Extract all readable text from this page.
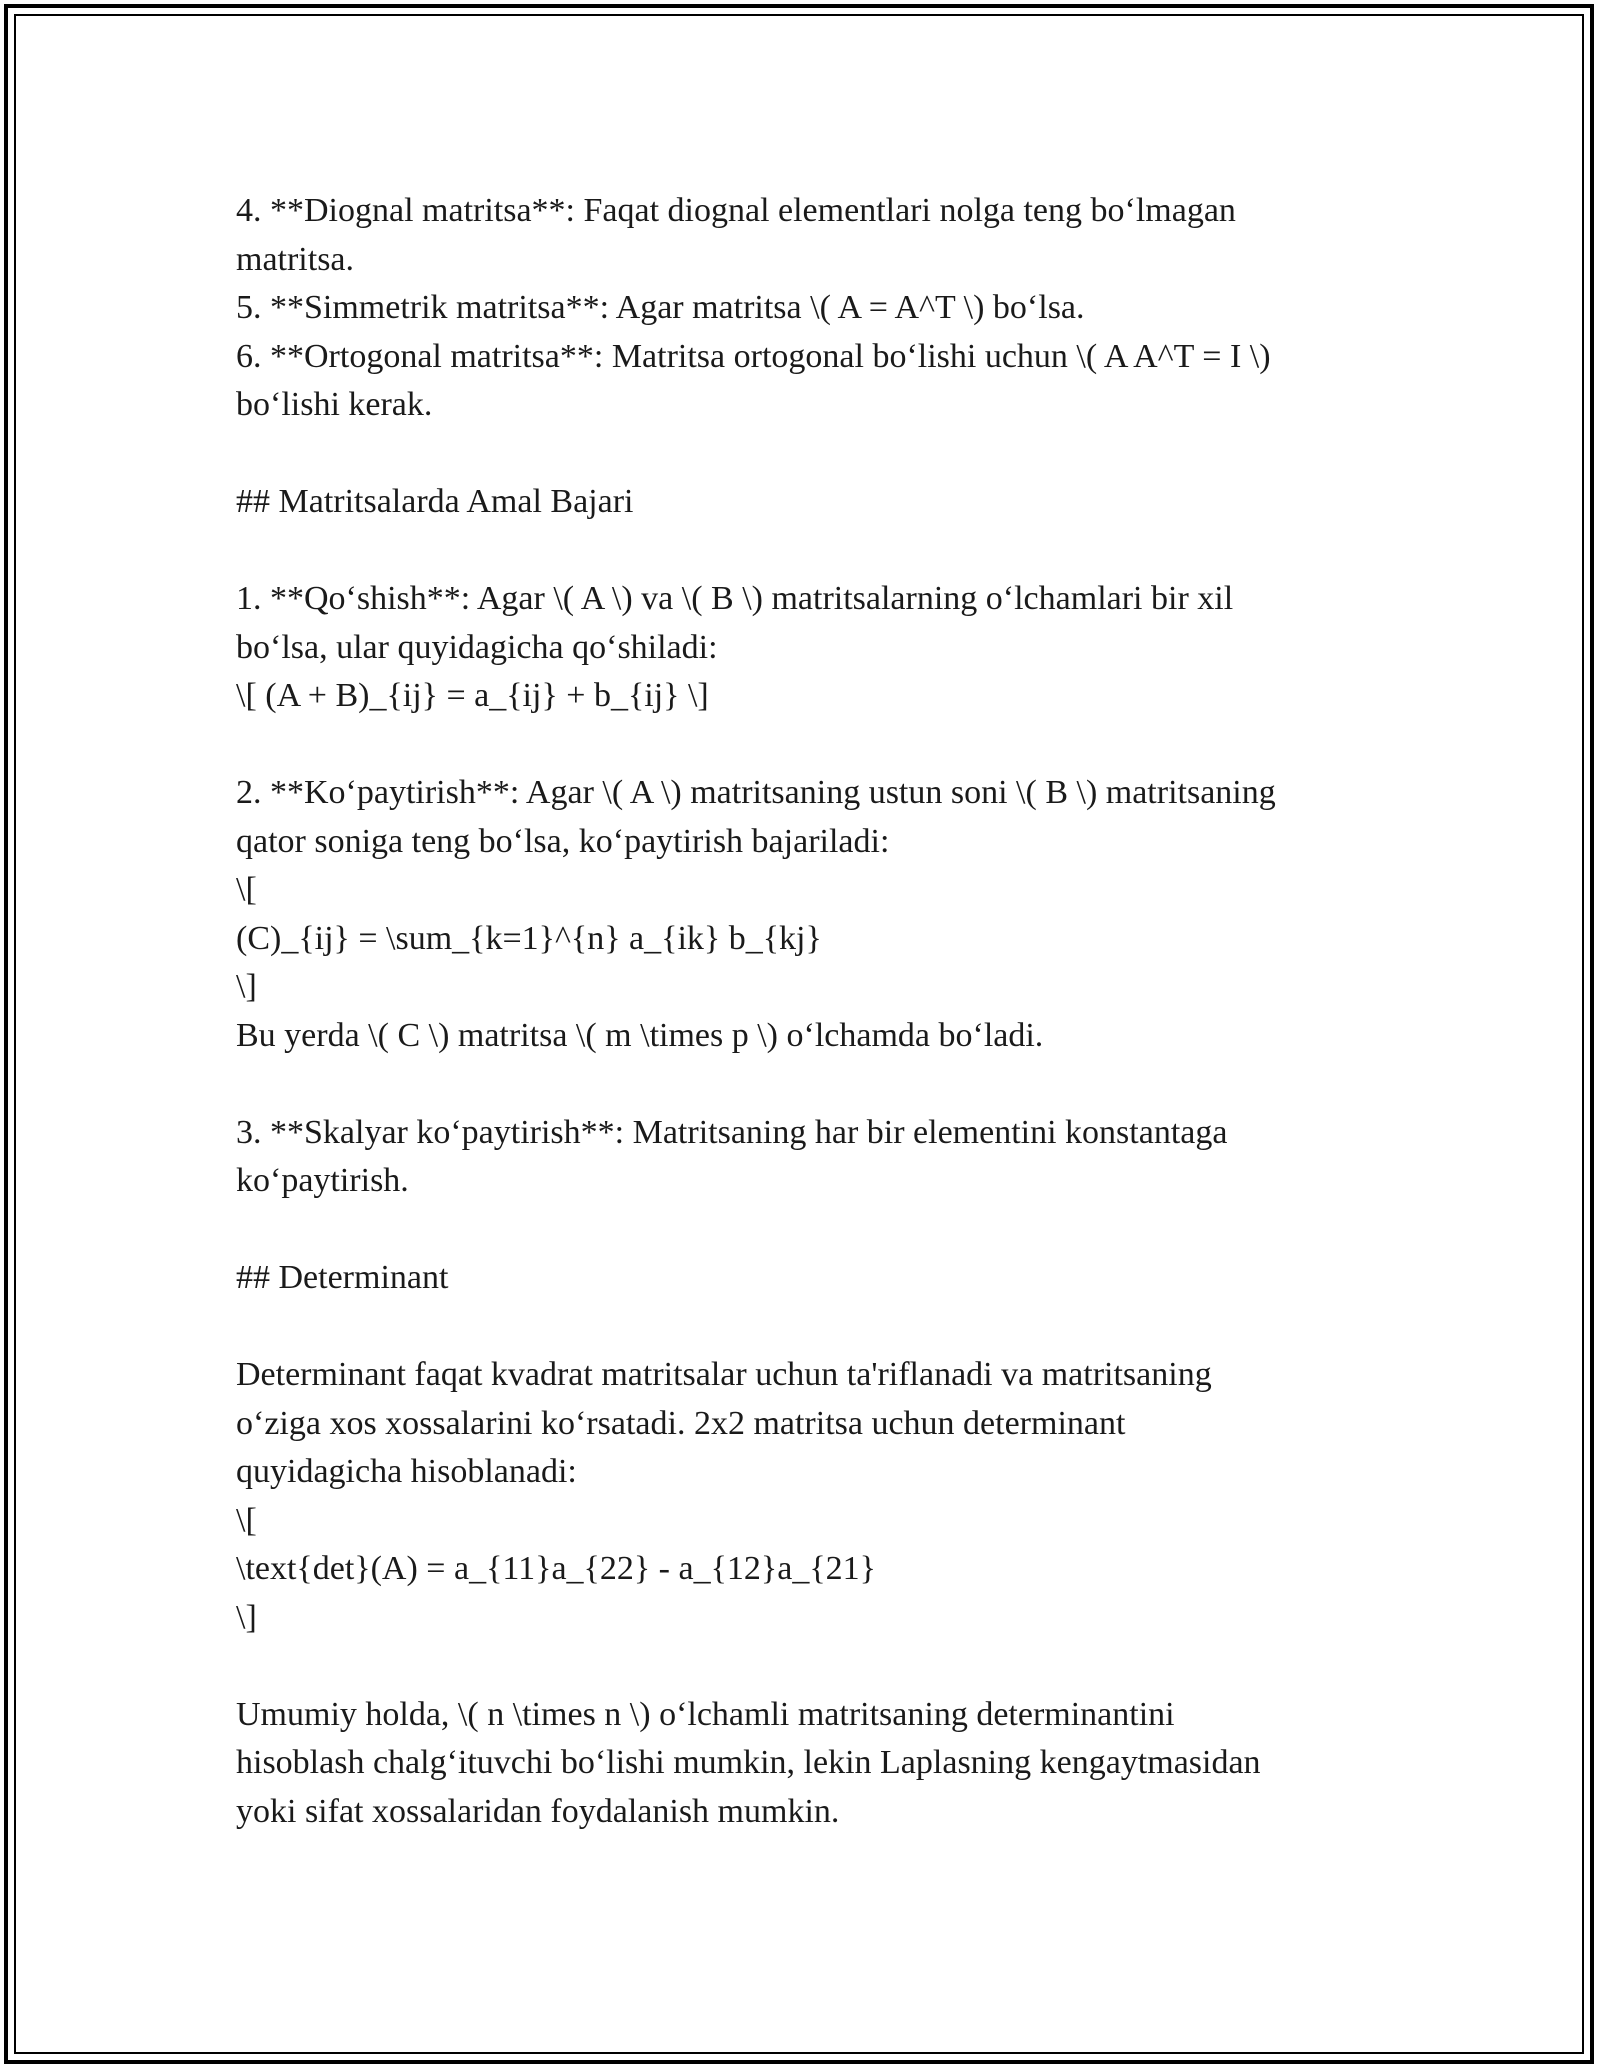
4. **Diognal matritsa**: Faqat diognal elementlari nolga teng bo‘lmagan
matritsa.
5. **Simmetrik matritsa**: Agar matritsa \( A = A^T \) bo‘lsa.
6. **Ortogonal matritsa**: Matritsa ortogonal bo‘lishi uchun \( A A^T = I \)
bo‘lishi kerak.
## Matritsalarda Amal Bajari
1. **Qo‘shish**: Agar \( A \) va \( B \) matritsalarning o‘lchamlari bir xil
bo‘lsa, ular quyidagicha qo‘shiladi:
\[ (A + B)_{ij} = a_{ij} + b_{ij} \]
2. **Ko‘paytirish**: Agar \( A \) matritsaning ustun soni \( B \) matritsaning
qator soniga teng bo‘lsa, ko‘paytirish bajariladi:
\[
(C)_{ij} = \sum_{k=1}^{n} a_{ik} b_{kj}
\]
Bu yerda \( C \) matritsa \( m \times p \) o‘lchamda bo‘ladi.
3. **Skalyar ko‘paytirish**: Matritsaning har bir elementini konstantaga
ko‘paytirish.
## Determinant
Determinant faqat kvadrat matritsalar uchun ta'riflanadi va matritsaning
o‘ziga xos xossalarini ko‘rsatadi. 2x2 matritsa uchun determinant
quyidagicha hisoblanadi:
\[
\text{det}(A) = a_{11}a_{22} - a_{12}a_{21}
\]
Umumiy holda, \( n \times n \) o‘lchamli matritsaning determinantini
hisoblash chalg‘ituvchi bo‘lishi mumkin, lekin Laplasning kengaytmasidan
yoki sifat xossalaridan foydalanish mumkin.
